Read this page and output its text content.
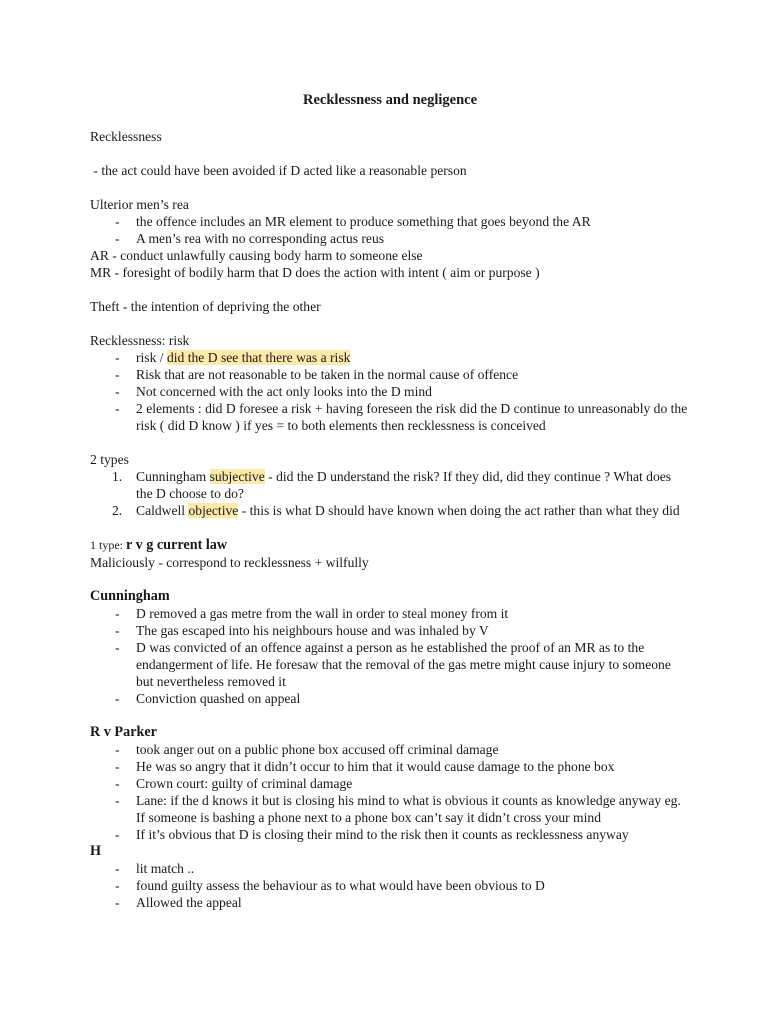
Recklessness and negligence

Recklessness

- the act could have been avoided if D acted like a reasonable person

Ulterior men’s rea

- the offence includes an MR element to produce something that goes beyond the AR
- A men’s rea with no corresponding actus reus

AR - conduct unlawfully causing body harm to someone else

MR - foresight of bodily harm that D does the action with intent ( aim or purpose )

Theft - the intention of depriving the other

Recklessness: risk

- risk / did the D see that there was a risk
- Risk that are not reasonable to be taken in the normal cause of offence
- Not concerned with the act only looks into the D mind
- 2 elements : did D foresee a risk + having foreseen the risk did the D continue to unreasonably do the risk ( did D know ) if yes = to both elements then recklessness is conceived

2 types

1. Cunningham subjective - did the D understand the risk? If they did, did they continue ? What does the D choose to do?
2. Caldwell objective - this is what D should have known when doing the act rather than what they did

1 type: r v g current law

Maliciously - correspond to recklessness + wilfully

Cunningham

- D removed a gas metre from the wall in order to steal money from it
- The gas escaped into his neighbours house and was inhaled by V
- D was convicted of an offence against a person as he established the proof of an MR as to the endangerment of life. He foresaw that the removal of the gas metre might cause injury to someone but nevertheless removed it
- Conviction quashed on appeal

R v Parker

- took anger out on a public phone box accused off criminal damage
- He was so angry that it didn’t occur to him that it would cause damage to the phone box
- Crown court: guilty of criminal damage
- Lane: if the d knows it but is closing his mind to what is obvious it counts as knowledge anyway eg. If someone is bashing a phone next to a phone box can’t say it didn’t cross your mind
- If it’s obvious that D is closing their mind to the risk then it counts as recklessness anyway

H

- lit match ..
- found guilty assess the behaviour as to what would have been obvious to D
- Allowed the appeal
